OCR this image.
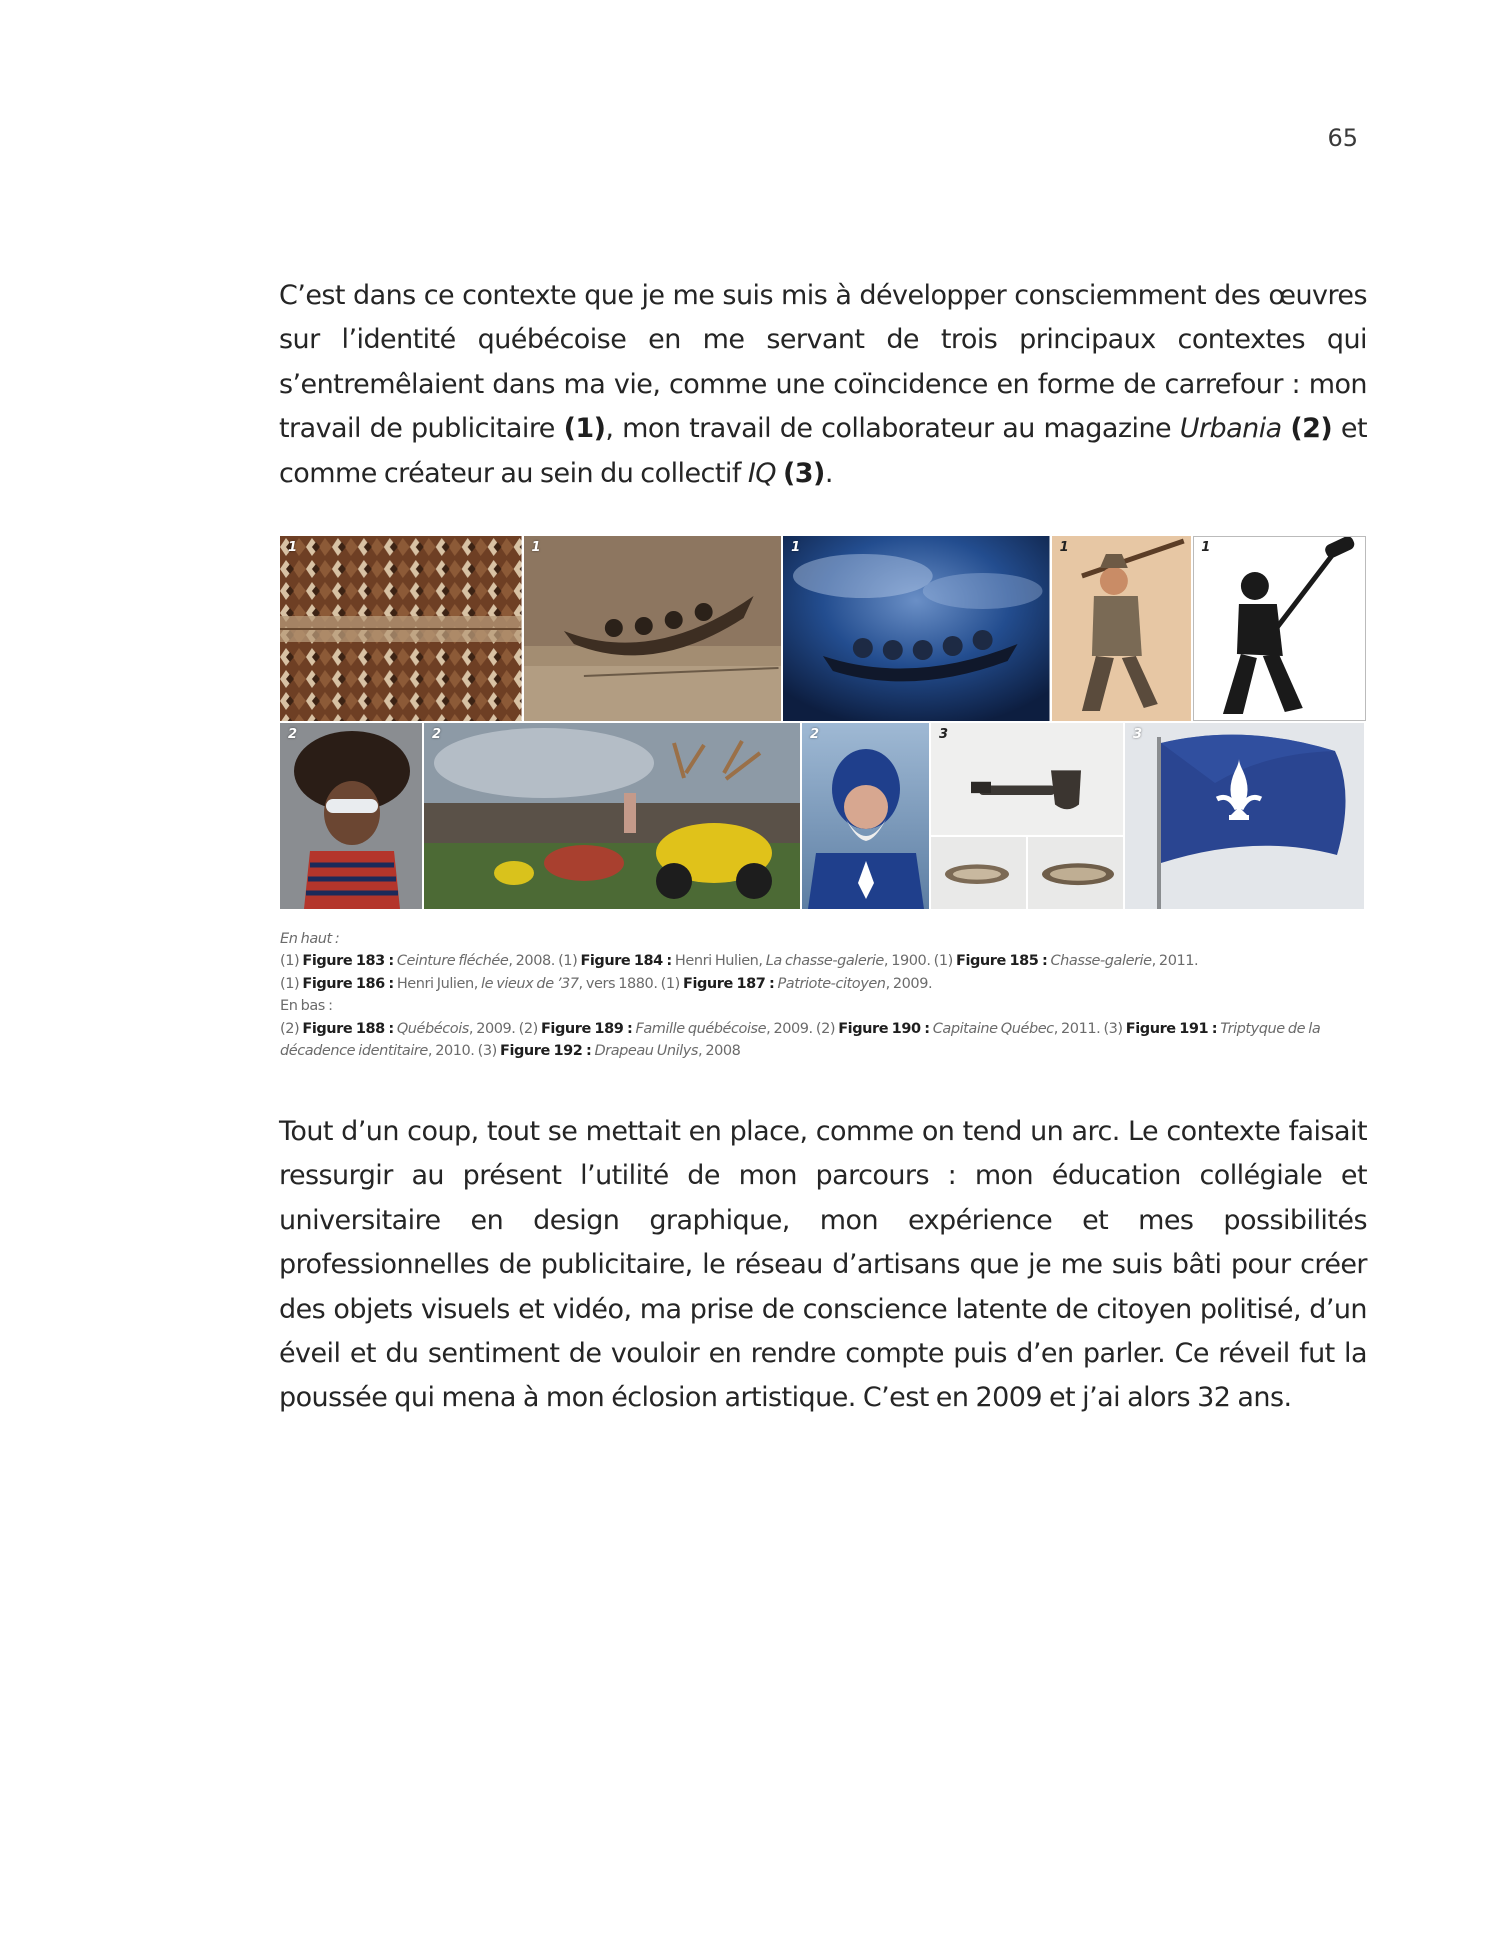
65

C’est dans ce contexte que je me suis mis à développer consciemment des œuvres sur l’identité québécoise en me servant de trois principaux contextes qui s’entremêlaient dans ma vie, comme une coïncidence en forme de carrefour : mon travail de publicitaire (1), mon travail de collaborateur au magazine Urbania (2) et comme créateur au sein du collectif IQ (3).

1	1	1	1	1
2	2	2	3	3
En haut :
(1) Figure 183 : Ceinture fléchée, 2008. (1) Figure 184 : Henri Hulien, La chasse-galerie, 1900. (1) Figure 185 : Chasse-galerie, 2011.
(1) Figure 186 : Henri Julien, le vieux de ’37, vers 1880. (1) Figure 187 : Patriote-citoyen, 2009.
En bas :
(2) Figure 188 : Québécois, 2009. (2) Figure 189 : Famille québécoise, 2009. (2) Figure 190 : Capitaine Québec, 2011. (3) Figure 191 : Triptyque de la
décadence identitaire, 2010. (3) Figure 192 : Drapeau Unilys, 2008

Tout d’un coup, tout se mettait en place, comme on tend un arc. Le contexte faisait ressurgir au présent l’utilité de mon parcours : mon éducation collégiale et universitaire en design graphique, mon expérience et mes possibilités professionnelles de publicitaire, le réseau d’artisans que je me suis bâti pour créer des objets visuels et vidéo, ma prise de conscience latente de citoyen politisé, d’un éveil et du sentiment de vouloir en rendre compte puis d’en parler. Ce réveil fut la poussée qui mena à mon éclosion artistique. C’est en 2009 et j’ai alors 32 ans.
